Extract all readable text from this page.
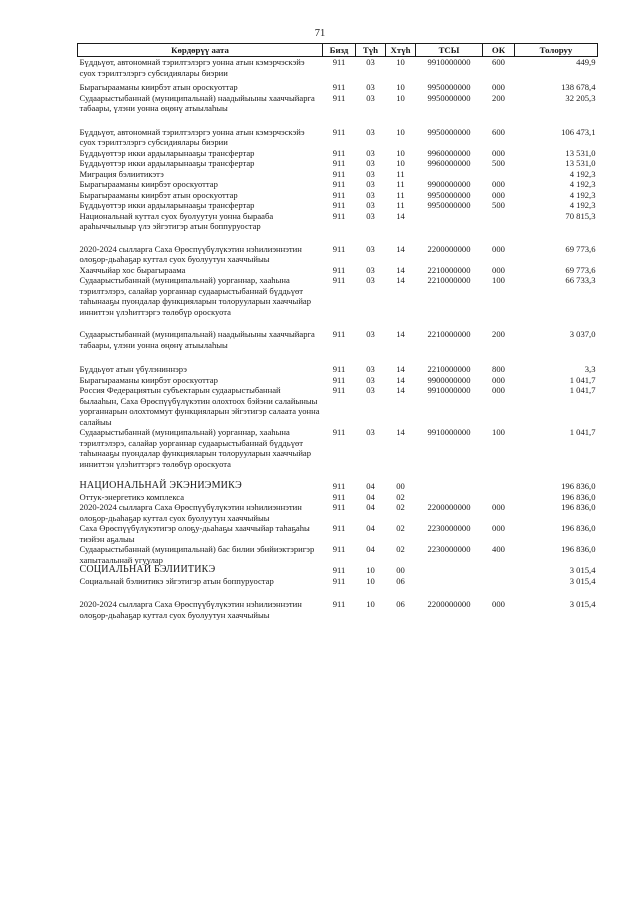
71
Көрдөрүү аата	Бизд	Түһ	Хтүһ	ТСЫ	ОК	Толоруу
Бүддьүөт, автономнай тэрилтэлэргэ уонна атын кэмэрчэскэйэ суох тэрилтэлэргэ субсидиялары биэрии	911	03	10	9910000000	600	449,9
Бырагырааманы киирбэт атын ороскуоттар	911	03	10	9950000000	000	138 678,4
Судаарыстыбаннай (муниципальнай) наадыйыыны хааччыйарга табаары, үлэни уонна өңөнү атыылаһыы	911	03	10	9950000000	200	32 205,3
Бүддьүөт, автономнай тэрилтэлэргэ уонна атын кэмэрчэскэйэ суох тэрилтэлэргэ субсидиялары биэрии	911	03	10	9950000000	600	106 473,1
Бүддьүөттэр икки ардыларынааҕы трансфертар	911	03	10	9960000000	000	13 531,0
Бүддьүөттэр икки ардыларынааҕы трансфертар	911	03	10	9960000000	500	13 531,0
Миграция бэлиитикэтэ	911	03	11			4 192,3
Бырагырааманы киирбэт ороскуоттар	911	03	11	9900000000	000	4 192,3
Бырагырааманы киирбэт атын ороскуоттар	911	03	11	9950000000	000	4 192,3
Бүддьүөттэр икки ардыларынааҕы трансфертар	911	03	11	9950000000	500	4 192,3
Национальнай куттал суох буолуутун уонна бырааба араһыччылыыр үлэ эйгэтигэр атын боппуруостар	911	03	14			70 815,3
2020-2024 сылларга Саха Өрөспүүбүлүкэтин нэһилиэннэтин олоҕор-дьаһаҕар куттал суох буолуутун хааччыйыы	911	03	14	2200000000	000	69 773,6
Хааччыйар хос бырагыраама	911	03	14	2210000000	000	69 773,6
Судаарыстыбаннай (муниципальнай) уорганнар, хааһына тэрилтэлэрэ, салайар уорганнар судаарыстыбаннай бүддьүөт таһынааҕы пуондалар функцияларын толорууларын хааччыйар инниттэн үлэһиттэргэ төлөбүр ороскуота	911	03	14	2210000000	100	66 733,3
Судаарыстыбаннай (муниципальнай) наадыйыыны хааччыйарга табаары, үлэни уонна өңөнү атыылаһыы	911	03	14	2210000000	200	3 037,0
Бүддьүөт атын үбүлэниннэрэ	911	03	14	2210000000	800	3,3
Бырагырааманы киирбэт ороскуоттар	911	03	14	9900000000	000	1 041,7
Россия Федерациятын субъектарын судаарыстыбаннай былааһын, Саха Өрөспүүбүлүкэтин олохтоох бэйэни салайыныы уорганнарын олохтоммут функцияларын эйгэтигэр салаата уонна салайыы	911	03	14	9910000000	000	1 041,7
Судаарыстыбаннай (муниципальнай) уорганнар, хааһына тэрилтэлэрэ, салайар уорганнар судаарыстыбаннай бүддьүөт таһынааҕы пуондалар функцияларын толорууларын хааччыйар инниттэн үлэһиттэргэ төлөбүр ороскуота	911	03	14	9910000000	100	1 041,7
НАЦИОНАЛЬНАЙ ЭКЭНИЭМИКЭ	911	04	00			196 836,0
Оттук-энергетикэ комплекса	911	04	02			196 836,0
2020-2024 сылларга Саха Өрөспүүбүлүкэтин нэһилиэннэтин олоҕор-дьаһаҕар куттал суох буолуутун хааччыйыы	911	04	02	2200000000	000	196 836,0
Саха Өрөспүүбүлүкэтигэр олоҕу-дьаһаҕы хааччыйар таһаҕаһы тиэйэн аҕалыы	911	04	02	2230000000	000	196 836,0
Судаарыстыбаннай (муниципальнай) бас билии эбийиэктэригэр хапытаалынай угуулар	911	04	02	2230000000	400	196 836,0
СОЦИАЛЬНАЙ БЭЛИИТИКЭ	911	10	00			3 015,4
Социальнай бэлиитикэ эйгэтигэр атын боппуруостар	911	10	06			3 015,4
2020-2024 сылларга Саха Өрөспүүбүлүкэтин нэһилиэннэтин олоҕор-дьаһаҕар куттал суох буолуутун хааччыйыы	911	10	06	2200000000	000	3 015,4
